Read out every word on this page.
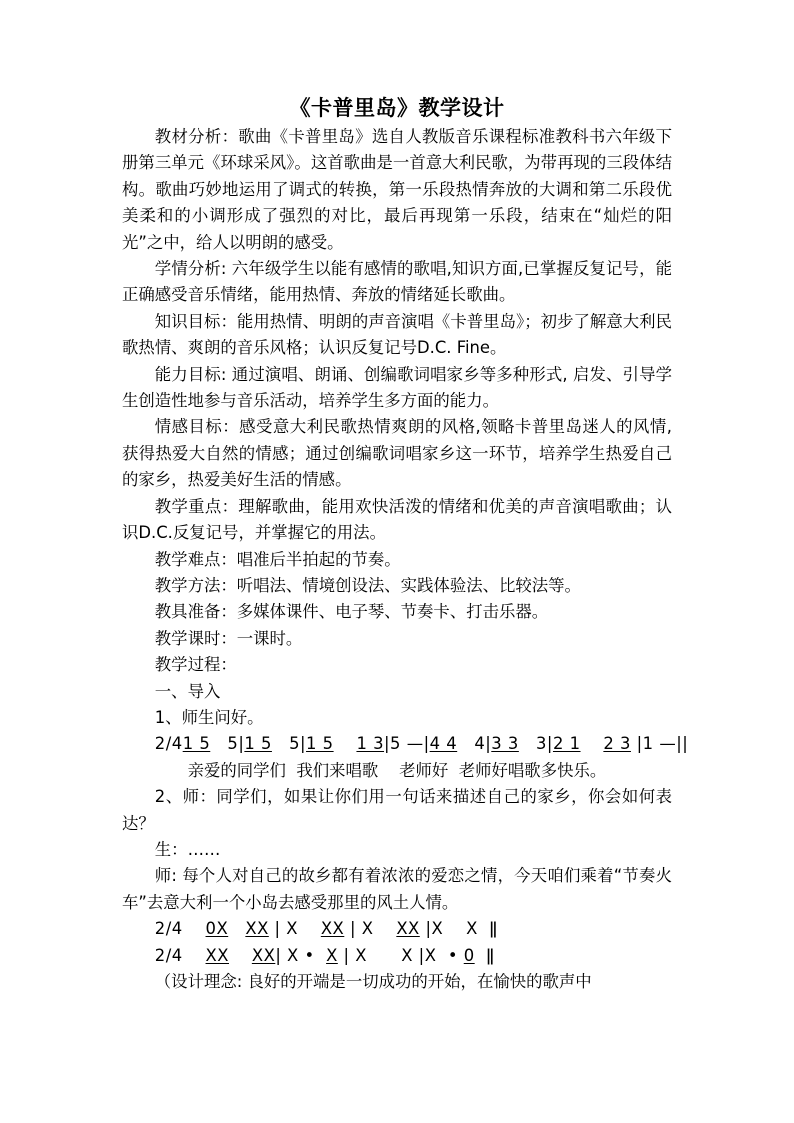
《卡普里岛》教学设计

教材分析：歌曲《卡普里岛》选自人教版音乐课程标准教科书六年级下册第三单元《环球采风》。这首歌曲是一首意大利民歌，为带再现的三段体结构。歌曲巧妙地运用了调式的转换，第一乐段热情奔放的大调和第二乐段优美柔和的小调形成了强烈的对比，最后再现第一乐段，结束在“灿烂的阳光”之中，给人以明朗的感受。

学情分析: 六年级学生以能有感情的歌唱,知识方面,已掌握反复记号，能正确感受音乐情绪，能用热情、奔放的情绪延长歌曲。

知识目标：能用热情、明朗的声音演唱《卡普里岛》；初步了解意大利民歌热情、爽朗的音乐风格；认识反复记号D.C. Fine。

能力目标: 通过演唱、朗诵、创编歌词唱家乡等多种形式, 启发、引导学生创造性地参与音乐活动，培养学生多方面的能力。

情感目标：感受意大利民歌热情爽朗的风格,领略卡普里岛迷人的风情,获得热爱大自然的情感；通过创编歌词唱家乡这一环节，培养学生热爱自己的家乡，热爱美好生活的情感。

教学重点：理解歌曲，能用欢快活泼的情绪和优美的声音演唱歌曲；认识D.C.反复记号，并掌握它的用法。

教学难点：唱准后半拍起的节奏。

教学方法：听唱法、情境创设法、实践体验法、比较法等。

教具准备：多媒体课件、电子琴、节奏卡、打击乐器。

教学课时：一课时。

教学过程：

一、导入

1、师生问好。

2/41 5   5|1 5   5|1 5 1 3|5 —|4 4   4|3 3   3|2 1 2 3 |1 —||

亲爱的同学们  我们来唱歌    老师好  老师好唱歌多快乐。

2、师：同学们，如果让你们用一句话来描述自己的家乡，你会如何表达？

生：……

师: 每个人对自己的故乡都有着浓浓的爱恋之情，今天咱们乘着“节奏火车”去意大利一个小岛去感受那里的风土人情。

2/4 0X XX | X    XX | X    XX |X    X  ǁ

2/4 XX XX| X •  X | X      X |X  • 0  ǁ

（设计理念: 良好的开端是一切成功的开始，在愉快的歌声中
